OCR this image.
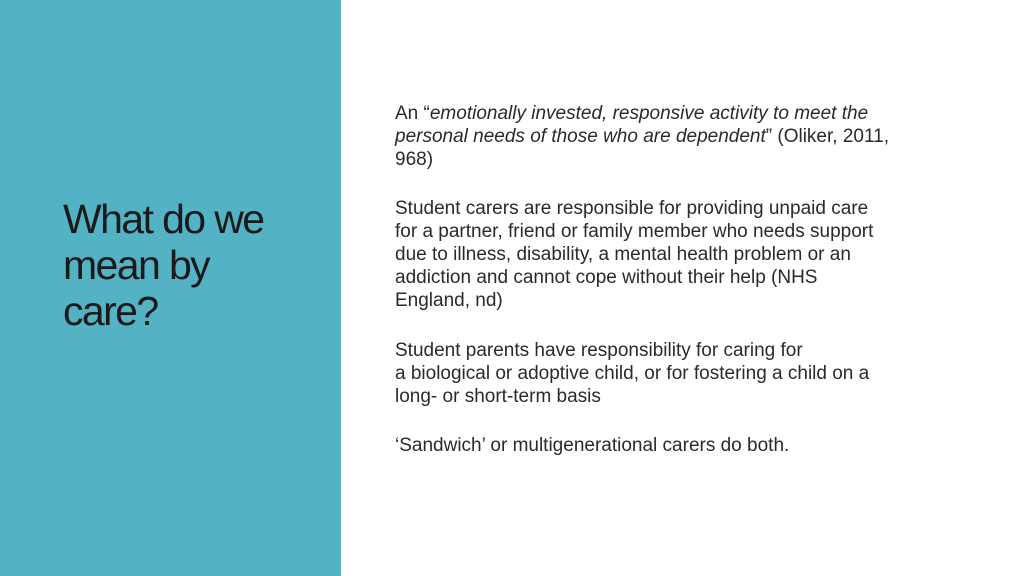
What do we
mean by
care?

An “emotionally invested, responsive activity to meet the
personal needs of those who are dependent” (Oliker, 2011,
968)

Student carers are responsible for providing unpaid care
for a partner, friend or family member who needs support
due to illness, disability, a mental health problem or an
addiction and cannot cope without their help (NHS
England, nd)

Student parents have responsibility for caring for
a biological or adoptive child, or for fostering a child on a
long- or short-term basis

‘Sandwich’ or multigenerational carers do both.
